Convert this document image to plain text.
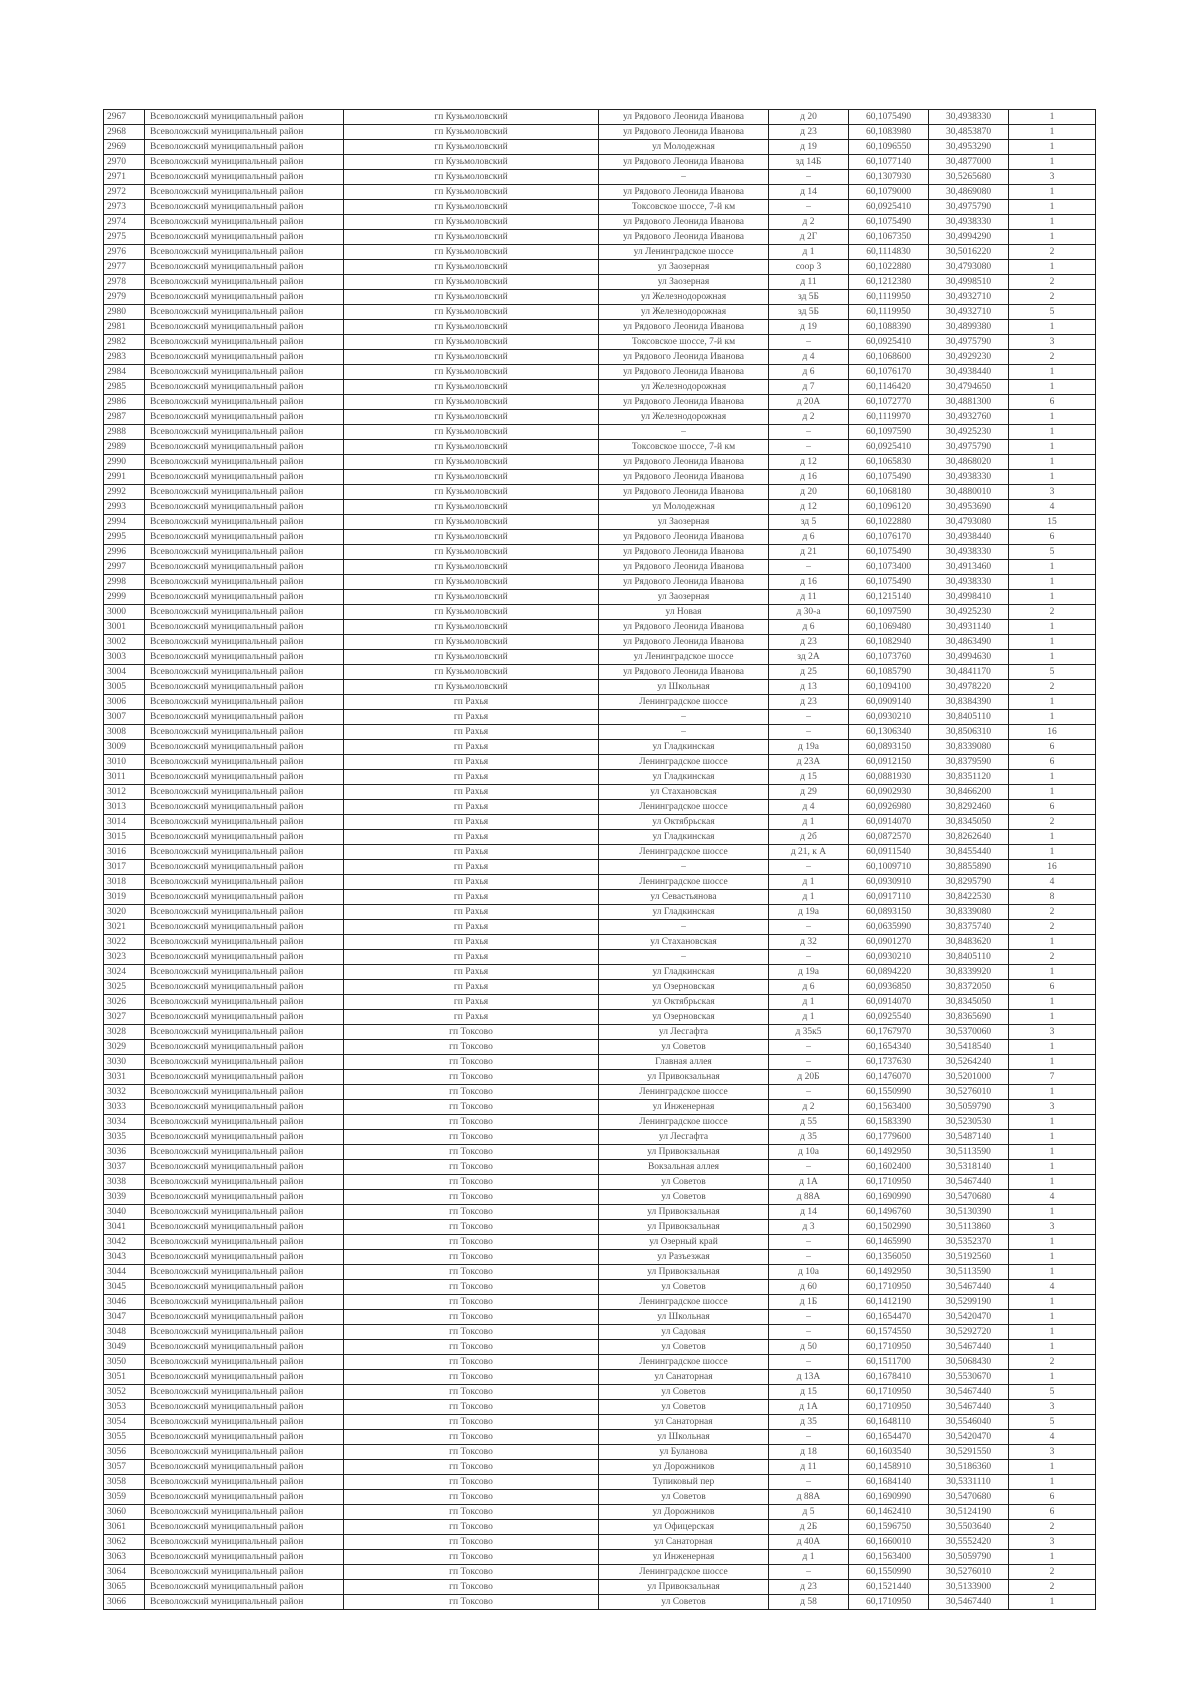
2967	Всеволожский муниципальный район	гп Кузьмоловский	ул Рядового Леонида Иванова	д 20	60,1075490	30,4938330	1
2968	Всеволожский муниципальный район	гп Кузьмоловский	ул Рядового Леонида Иванова	д 23	60,1083980	30,4853870	1
2969	Всеволожский муниципальный район	гп Кузьмоловский	ул Молодежная	д 19	60,1096550	30,4953290	1
2970	Всеволожский муниципальный район	гп Кузьмоловский	ул Рядового Леонида Иванова	зд 14Б	60,1077140	30,4877000	1
2971	Всеволожский муниципальный район	гп Кузьмоловский	–	–	60,1307930	30,5265680	3
2972	Всеволожский муниципальный район	гп Кузьмоловский	ул Рядового Леонида Иванова	д 14	60,1079000	30,4869080	1
2973	Всеволожский муниципальный район	гп Кузьмоловский	Токсовское шоссе, 7-й км	–	60,0925410	30,4975790	1
2974	Всеволожский муниципальный район	гп Кузьмоловский	ул Рядового Леонида Иванова	д 2	60,1075490	30,4938330	1
2975	Всеволожский муниципальный район	гп Кузьмоловский	ул Рядового Леонида Иванова	д 2Г	60,1067350	30,4994290	1
2976	Всеволожский муниципальный район	гп Кузьмоловский	ул Ленинградское шоссе	д 1	60,1114830	30,5016220	2
2977	Всеволожский муниципальный район	гп Кузьмоловский	ул Заозерная	соор 3	60,1022880	30,4793080	1
2978	Всеволожский муниципальный район	гп Кузьмоловский	ул Заозерная	д 11	60,1212380	30,4998510	2
2979	Всеволожский муниципальный район	гп Кузьмоловский	ул Железнодорожная	зд 5Б	60,1119950	30,4932710	2
2980	Всеволожский муниципальный район	гп Кузьмоловский	ул Железнодорожная	зд 5Б	60,1119950	30,4932710	5
2981	Всеволожский муниципальный район	гп Кузьмоловский	ул Рядового Леонида Иванова	д 19	60,1088390	30,4899380	1
2982	Всеволожский муниципальный район	гп Кузьмоловский	Токсовское шоссе, 7-й км	–	60,0925410	30,4975790	3
2983	Всеволожский муниципальный район	гп Кузьмоловский	ул Рядового Леонида Иванова	д 4	60,1068600	30,4929230	2
2984	Всеволожский муниципальный район	гп Кузьмоловский	ул Рядового Леонида Иванова	д 6	60,1076170	30,4938440	1
2985	Всеволожский муниципальный район	гп Кузьмоловский	ул Железнодорожная	д 7	60,1146420	30,4794650	1
2986	Всеволожский муниципальный район	гп Кузьмоловский	ул Рядового Леонида Иванова	д 20А	60,1072770	30,4881300	6
2987	Всеволожский муниципальный район	гп Кузьмоловский	ул Железнодорожная	д 2	60,1119970	30,4932760	1
2988	Всеволожский муниципальный район	гп Кузьмоловский	–	–	60,1097590	30,4925230	1
2989	Всеволожский муниципальный район	гп Кузьмоловский	Токсовское шоссе, 7-й км	–	60,0925410	30,4975790	1
2990	Всеволожский муниципальный район	гп Кузьмоловский	ул Рядового Леонида Иванова	д 12	60,1065830	30,4868020	1
2991	Всеволожский муниципальный район	гп Кузьмоловский	ул Рядового Леонида Иванова	д 16	60,1075490	30,4938330	1
2992	Всеволожский муниципальный район	гп Кузьмоловский	ул Рядового Леонида Иванова	д 20	60,1068180	30,4880010	3
2993	Всеволожский муниципальный район	гп Кузьмоловский	ул Молодежная	д 12	60,1096120	30,4953690	4
2994	Всеволожский муниципальный район	гп Кузьмоловский	ул Заозерная	зд 5	60,1022880	30,4793080	15
2995	Всеволожский муниципальный район	гп Кузьмоловский	ул Рядового Леонида Иванова	д 6	60,1076170	30,4938440	6
2996	Всеволожский муниципальный район	гп Кузьмоловский	ул Рядового Леонида Иванова	д 21	60,1075490	30,4938330	5
2997	Всеволожский муниципальный район	гп Кузьмоловский	ул Рядового Леонида Иванова	–	60,1073400	30,4913460	1
2998	Всеволожский муниципальный район	гп Кузьмоловский	ул Рядового Леонида Иванова	д 16	60,1075490	30,4938330	1
2999	Всеволожский муниципальный район	гп Кузьмоловский	ул Заозерная	д 11	60,1215140	30,4998410	1
3000	Всеволожский муниципальный район	гп Кузьмоловский	ул Новая	д 30-а	60,1097590	30,4925230	2
3001	Всеволожский муниципальный район	гп Кузьмоловский	ул Рядового Леонида Иванова	д 6	60,1069480	30,4931140	1
3002	Всеволожский муниципальный район	гп Кузьмоловский	ул Рядового Леонида Иванова	д 23	60,1082940	30,4863490	1
3003	Всеволожский муниципальный район	гп Кузьмоловский	ул Ленинградское шоссе	зд 2А	60,1073760	30,4994630	1
3004	Всеволожский муниципальный район	гп Кузьмоловский	ул Рядового Леонида Иванова	д 25	60,1085790	30,4841170	5
3005	Всеволожский муниципальный район	гп Кузьмоловский	ул Школьная	д 13	60,1094100	30,4978220	2
3006	Всеволожский муниципальный район	гп Рахья	Ленинградское шоссе	д 23	60,0909140	30,8384390	1
3007	Всеволожский муниципальный район	гп Рахья	–	–	60,0930210	30,8405110	1
3008	Всеволожский муниципальный район	гп Рахья	–	–	60,1306340	30,8506310	16
3009	Всеволожский муниципальный район	гп Рахья	ул Гладкинская	д 19а	60,0893150	30,8339080	6
3010	Всеволожский муниципальный район	гп Рахья	Ленинградское шоссе	д 23А	60,0912150	30,8379590	6
3011	Всеволожский муниципальный район	гп Рахья	ул Гладкинская	д 15	60,0881930	30,8351120	1
3012	Всеволожский муниципальный район	гп Рахья	ул Стахановская	д 29	60,0902930	30,8466200	1
3013	Всеволожский муниципальный район	гп Рахья	Ленинградское шоссе	д 4	60,0926980	30,8292460	6
3014	Всеволожский муниципальный район	гп Рахья	ул Октябрьская	д 1	60,0914070	30,8345050	2
3015	Всеволожский муниципальный район	гп Рахья	ул Гладкинская	д 2б	60,0872570	30,8262640	1
3016	Всеволожский муниципальный район	гп Рахья	Ленинградское шоссе	д 21, к А	60,0911540	30,8455440	1
3017	Всеволожский муниципальный район	гп Рахья	–	–	60,1009710	30,8855890	16
3018	Всеволожский муниципальный район	гп Рахья	Ленинградское шоссе	д 1	60,0930910	30,8295790	4
3019	Всеволожский муниципальный район	гп Рахья	ул Севастьянова	д 1	60,0917110	30,8422530	8
3020	Всеволожский муниципальный район	гп Рахья	ул Гладкинская	д 19а	60,0893150	30,8339080	2
3021	Всеволожский муниципальный район	гп Рахья	–	–	60,0635990	30,8375740	2
3022	Всеволожский муниципальный район	гп Рахья	ул Стахановская	д 32	60,0901270	30,8483620	1
3023	Всеволожский муниципальный район	гп Рахья	–	–	60,0930210	30,8405110	2
3024	Всеволожский муниципальный район	гп Рахья	ул Гладкинская	д 19а	60,0894220	30,8339920	1
3025	Всеволожский муниципальный район	гп Рахья	ул Озерновская	д 6	60,0936850	30,8372050	6
3026	Всеволожский муниципальный район	гп Рахья	ул Октябрьская	д 1	60,0914070	30,8345050	1
3027	Всеволожский муниципальный район	гп Рахья	ул Озерновская	д 1	60,0925540	30,8365690	1
3028	Всеволожский муниципальный район	гп Токсово	ул Лесгафта	д 35к5	60,1767970	30,5370060	3
3029	Всеволожский муниципальный район	гп Токсово	ул Советов	–	60,1654340	30,5418540	1
3030	Всеволожский муниципальный район	гп Токсово	Главная аллея	–	60,1737630	30,5264240	1
3031	Всеволожский муниципальный район	гп Токсово	ул Привокзальная	д 20Б	60,1476070	30,5201000	7
3032	Всеволожский муниципальный район	гп Токсово	Ленинградское шоссе	–	60,1550990	30,5276010	1
3033	Всеволожский муниципальный район	гп Токсово	ул Инженерная	д 2	60,1563400	30,5059790	3
3034	Всеволожский муниципальный район	гп Токсово	Ленинградское шоссе	д 55	60,1583390	30,5230530	1
3035	Всеволожский муниципальный район	гп Токсово	ул Лесгафта	д 35	60,1779600	30,5487140	1
3036	Всеволожский муниципальный район	гп Токсово	ул Привокзальная	д 10а	60,1492950	30,5113590	1
3037	Всеволожский муниципальный район	гп Токсово	Вокзальная аллея	–	60,1602400	30,5318140	1
3038	Всеволожский муниципальный район	гп Токсово	ул Советов	д 1А	60,1710950	30,5467440	1
3039	Всеволожский муниципальный район	гп Токсово	ул Советов	д 88А	60,1690990	30,5470680	4
3040	Всеволожский муниципальный район	гп Токсово	ул Привокзальная	д 14	60,1496760	30,5130390	1
3041	Всеволожский муниципальный район	гп Токсово	ул Привокзальная	д 3	60,1502990	30,5113860	3
3042	Всеволожский муниципальный район	гп Токсово	ул Озерный край	–	60,1465990	30,5352370	1
3043	Всеволожский муниципальный район	гп Токсово	ул Разъезжая	–	60,1356050	30,5192560	1
3044	Всеволожский муниципальный район	гп Токсово	ул Привокзальная	д 10а	60,1492950	30,5113590	1
3045	Всеволожский муниципальный район	гп Токсово	ул Советов	д 60	60,1710950	30,5467440	4
3046	Всеволожский муниципальный район	гп Токсово	Ленинградское шоссе	д 1Б	60,1412190	30,5299190	1
3047	Всеволожский муниципальный район	гп Токсово	ул Школьная	–	60,1654470	30,5420470	1
3048	Всеволожский муниципальный район	гп Токсово	ул Садовая	–	60,1574550	30,5292720	1
3049	Всеволожский муниципальный район	гп Токсово	ул Советов	д 50	60,1710950	30,5467440	1
3050	Всеволожский муниципальный район	гп Токсово	Ленинградское шоссе	–	60,1511700	30,5068430	2
3051	Всеволожский муниципальный район	гп Токсово	ул Санаторная	д 13А	60,1678410	30,5530670	1
3052	Всеволожский муниципальный район	гп Токсово	ул Советов	д 15	60,1710950	30,5467440	5
3053	Всеволожский муниципальный район	гп Токсово	ул Советов	д 1А	60,1710950	30,5467440	3
3054	Всеволожский муниципальный район	гп Токсово	ул Санаторная	д 35	60,1648110	30,5546040	5
3055	Всеволожский муниципальный район	гп Токсово	ул Школьная	–	60,1654470	30,5420470	4
3056	Всеволожский муниципальный район	гп Токсово	ул Буланова	д 18	60,1603540	30,5291550	3
3057	Всеволожский муниципальный район	гп Токсово	ул Дорожников	д 11	60,1458910	30,5186360	1
3058	Всеволожский муниципальный район	гп Токсово	Тупиковый пер	–	60,1684140	30,5331110	1
3059	Всеволожский муниципальный район	гп Токсово	ул Советов	д 88А	60,1690990	30,5470680	6
3060	Всеволожский муниципальный район	гп Токсово	ул Дорожников	д 5	60,1462410	30,5124190	6
3061	Всеволожский муниципальный район	гп Токсово	ул Офицерская	д 2Б	60,1596750	30,5503640	2
3062	Всеволожский муниципальный район	гп Токсово	ул Санаторная	д 40А	60,1660010	30,5552420	3
3063	Всеволожский муниципальный район	гп Токсово	ул Инженерная	д 1	60,1563400	30,5059790	1
3064	Всеволожский муниципальный район	гп Токсово	Ленинградское шоссе	–	60,1550990	30,5276010	2
3065	Всеволожский муниципальный район	гп Токсово	ул Привокзальная	д 23	60,1521440	30,5133900	2
3066	Всеволожский муниципальный район	гп Токсово	ул Советов	д 58	60,1710950	30,5467440	1
